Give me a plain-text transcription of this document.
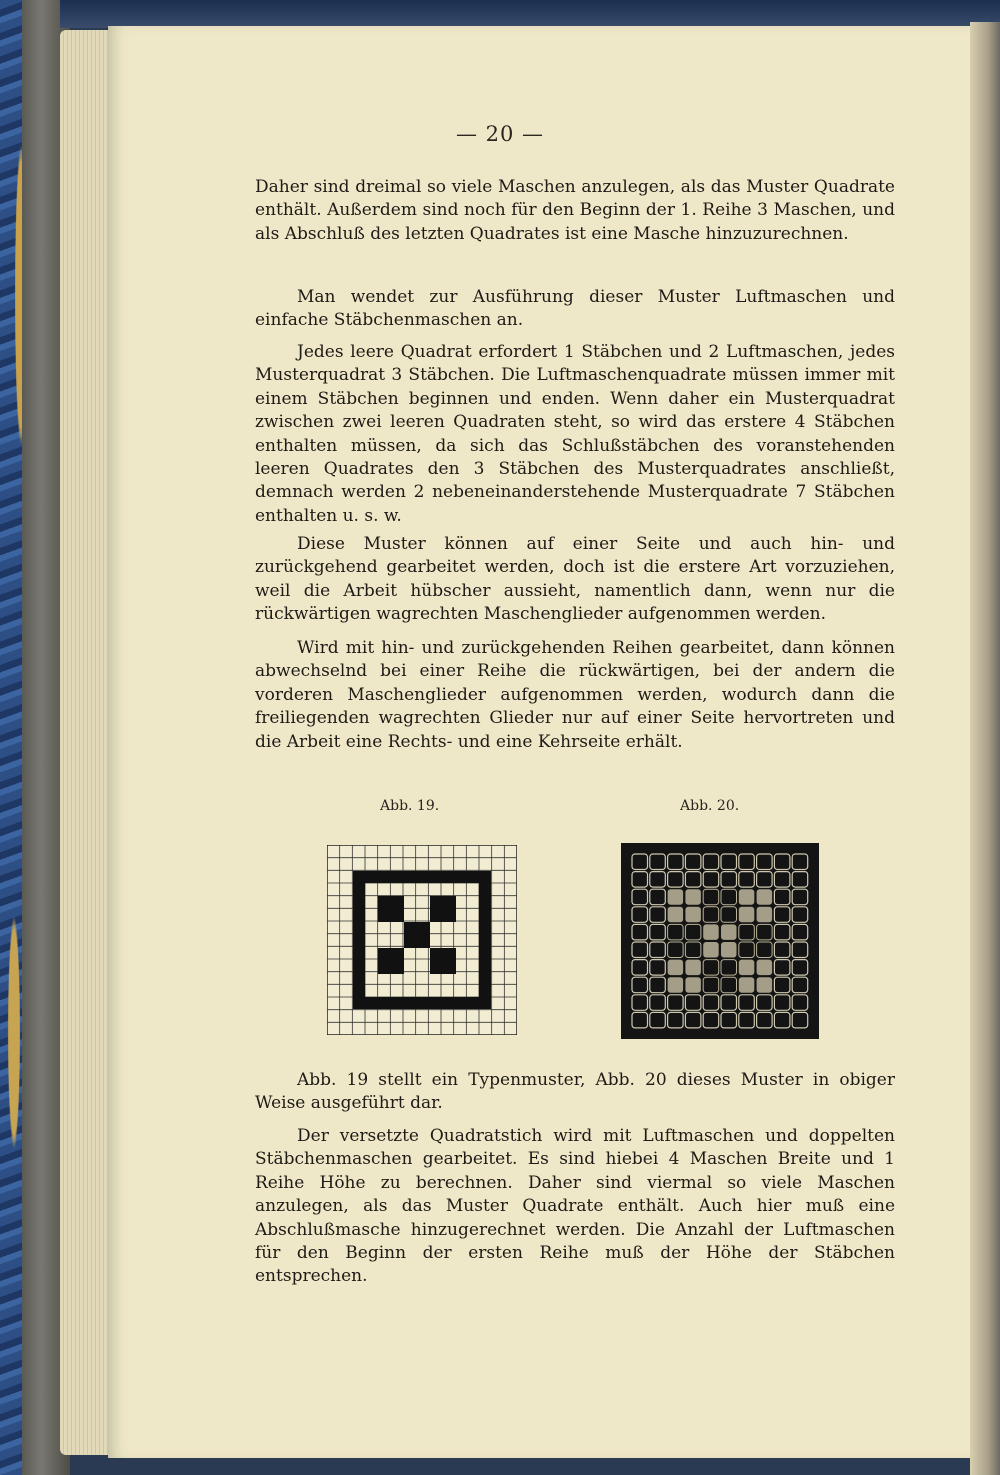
— 20 —
Daher sind dreimal so viele Maschen anzulegen, als das Muster Quadrate enthält. Außerdem sind noch für den Beginn der 1. Reihe 3 Maschen, und als Abschluß des letzten Quadrates ist eine Masche hinzuzurechnen.
Man wendet zur Ausführung dieser Muster Luftmaschen und einfache Stäbchenmaschen an.
Jedes leere Quadrat erfordert 1 Stäbchen und 2 Luftmaschen, jedes Musterquadrat 3 Stäbchen. Die Luftmaschenquadrate müssen immer mit einem Stäbchen beginnen und enden. Wenn daher ein Musterquadrat zwischen zwei leeren Quadraten steht, so wird das erstere 4 Stäbchen enthalten müssen, da sich das Schlußstäbchen des voranstehenden leeren Quadrates den 3 Stäbchen des Musterquadrates anschließt, demnach werden 2 nebeneinanderstehende Musterquadrate 7 Stäbchen enthalten u. s. w.
Diese Muster können auf einer Seite und auch hin- und zurückgehend gearbeitet werden, doch ist die erstere Art vorzuziehen, weil die Arbeit hübscher aussieht, namentlich dann, wenn nur die rückwärtigen wagrechten Maschenglieder aufgenommen werden.
Wird mit hin- und zurückgehenden Reihen gearbeitet, dann können abwechselnd bei einer Reihe die rückwärtigen, bei der andern die vorderen Maschenglieder aufgenommen werden, wodurch dann die freiliegenden wagrechten Glieder nur auf einer Seite hervortreten und die Arbeit eine Rechts- und eine Kehrseite erhält.
Abb. 19.	Abb. 20.
Abb. 19 stellt ein Typenmuster, Abb. 20 dieses Muster in obiger Weise ausgeführt dar.
Der versetzte Quadratstich wird mit Luftmaschen und doppelten Stäbchenmaschen gearbeitet. Es sind hiebei 4 Maschen Breite und 1 Reihe Höhe zu berechnen. Daher sind viermal so viele Maschen anzulegen, als das Muster Quadrate enthält. Auch hier muß eine Abschlußmasche hinzugerechnet werden. Die Anzahl der Luftmaschen für den Beginn der ersten Reihe muß der Höhe der Stäbchen entsprechen.
